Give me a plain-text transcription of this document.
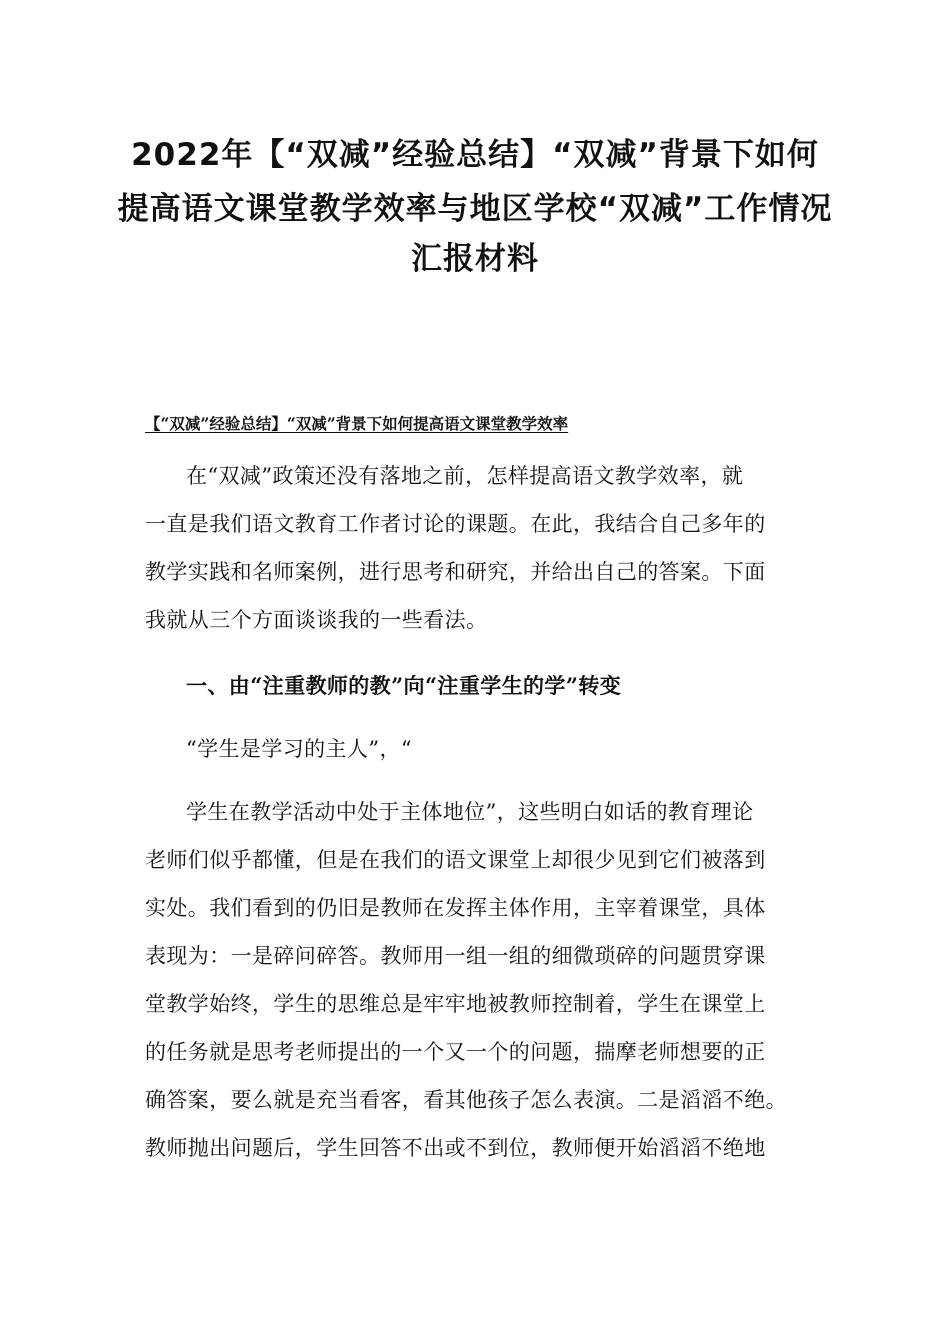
2022年【“双减”经验总结】“双减”背景下如何
提高语文课堂教学效率与地区学校“双减”工作情况
汇报材料
【“双减”经验总结】“双减”背景下如何提高语文课堂教学效率
在“双减”政策还没有落地之前，怎样提高语文教学效率，就
一直是我们语文教育工作者讨论的课题。在此，我结合自己多年的
教学实践和名师案例，进行思考和研究，并给出自己的答案。下面
我就从三个方面谈谈我的一些看法。
一、由“注重教师的教”向“注重学生的学”转变
“学生是学习的主人”，“
学生在教学活动中处于主体地位”，这些明白如话的教育理论
老师们似乎都懂，但是在我们的语文课堂上却很少见到它们被落到
实处。我们看到的仍旧是教师在发挥主体作用，主宰着课堂，具体
表现为：一是碎问碎答。教师用一组一组的细微琐碎的问题贯穿课
堂教学始终，学生的思维总是牢牢地被教师控制着，学生在课堂上
的任务就是思考老师提出的一个又一个的问题，揣摩老师想要的正
确答案，要么就是充当看客，看其他孩子怎么表演。二是滔滔不绝。
教师抛出问题后，学生回答不出或不到位，教师便开始滔滔不绝地
